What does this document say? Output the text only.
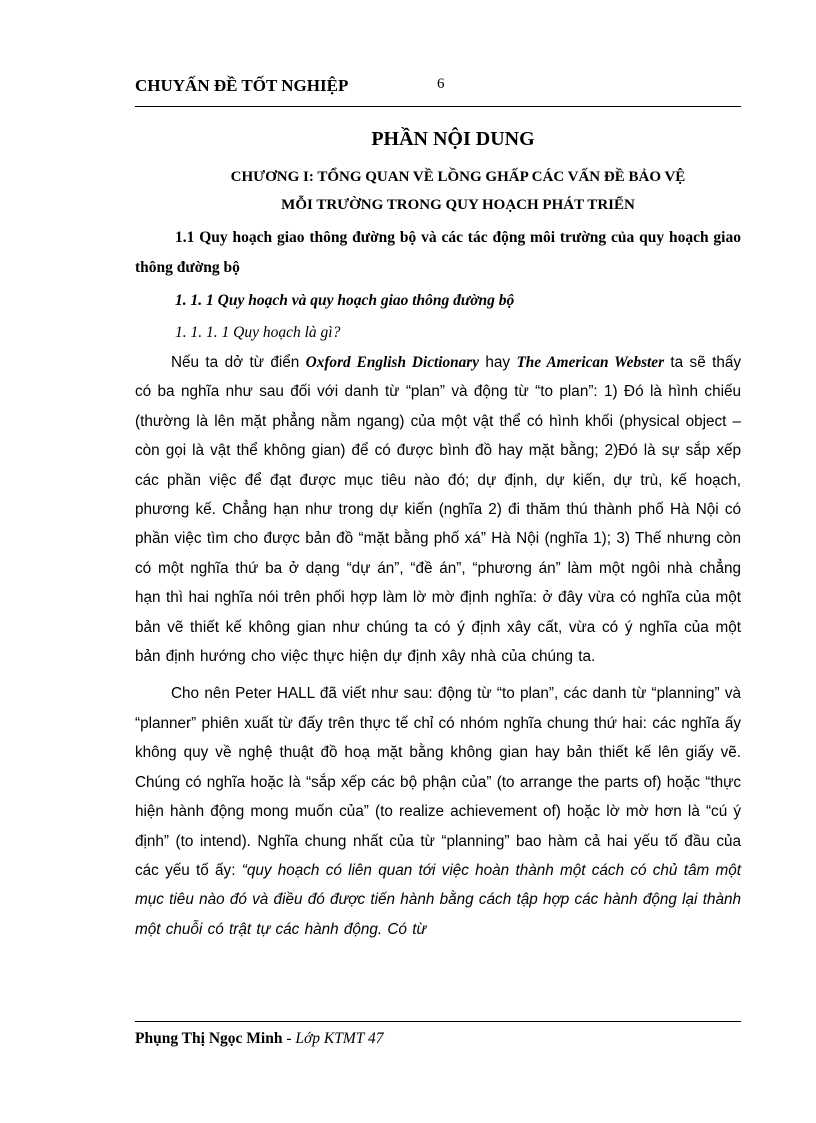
CHUYẤN ĐỀ TỐT NGHIỆP	6
PHẦN NỘI DUNG
CHƯƠNG I: TỔNG QUAN VỀ LỒNG GHẤP CÁC VẤN ĐỀ BẢO VỆ
MỖI TRƯỜNG TRONG QUY HOẠCH PHÁT TRIỂN

1.1 Quy hoạch giao thông đường bộ và các tác động môi trường của quy hoạch giao thông đường bộ

1. 1. 1 Quy hoạch và quy hoạch giao thông đường bộ

1. 1. 1. 1 Quy hoạch là gì?

Nếu ta dở từ điển Oxford English Dictionary hay The American Webster ta sẽ thấy có ba nghĩa như sau đối với danh từ “plan” và động từ “to plan”: 1) Đó là hình chiếu (thường là lên mặt phẳng nằm ngang) của một vật thể có hình khối (physical object – còn gọi là vật thể không gian) để có được bình đồ hay mặt bằng; 2)Đó là sự sắp xếp các phần việc để đạt được mục tiêu nào đó; dự định, dự kiến, dự trù, kế hoạch, phương kế. Chẳng hạn như trong dự kiến (nghĩa 2) đi thăm thú thành phố Hà Nội có phần việc tìm cho được bản đồ “mặt bằng phố xá” Hà Nội (nghĩa 1); 3) Thế nhưng còn có một nghĩa thứ ba ở dạng “dự án”, “đề án”, “phương án” làm một ngôi nhà chẳng hạn thì hai nghĩa nói trên phối hợp làm lờ mờ định nghĩa: ở đây vừa có nghĩa của một bản vẽ thiết kế không gian như chúng ta có ý định xây cất, vừa có ý nghĩa của một bản định hướng cho việc thực hiện dự định xây nhà của chúng ta.

Cho nên Peter HALL đã viết như sau: động từ “to plan”, các danh từ “planning” và “planner” phiên xuất từ đấy trên thực tế chỉ có nhóm nghĩa chung thứ hai: các nghĩa ấy không quy về nghệ thuật đồ hoạ mặt bằng không gian hay bản thiết kế lên giấy vẽ. Chúng có nghĩa hoặc là “sắp xếp các bộ phận của” (to arrange the parts of) hoặc “thực hiện hành động mong muốn của” (to realize achievement of) hoặc lờ mờ hơn là “cú ý định” (to intend). Nghĩa chung nhất của từ “planning” bao hàm cả hai yếu tố đầu của các yếu tố ấy: “quy hoạch có liên quan tới việc hoàn thành một cách có chủ tâm một mục tiêu nào đó và điều đó được tiến hành bằng cách tập hợp các hành động lại thành một chuỗi có trật tự các hành động. Có từ

Phụng Thị Ngọc Minh - Lớp KTMT 47
